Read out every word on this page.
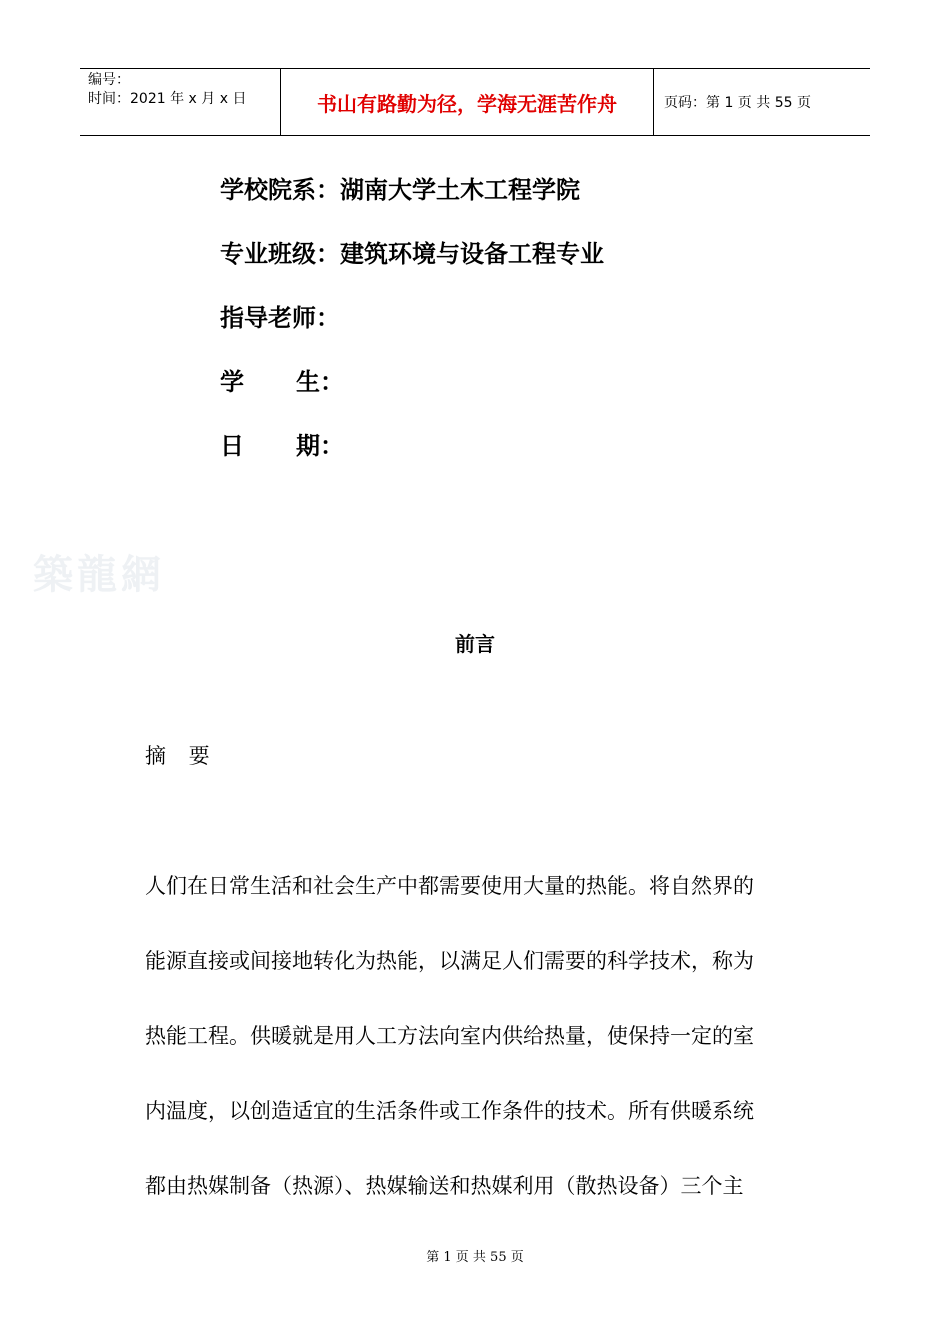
编号：
时间：2021 年 x 月 x 日	书山有路勤为径，学海无涯苦作舟	页码：第 1 页 共 55 页
学校院系：湖南大学土木工程学院
专业班级：建筑环境与设备工程专业
指导老师：
学 生：
日 期：
築龍網
前言
摘 要
人们在日常生活和社会生产中都需要使用大量的热能。将自然界的
能源直接或间接地转化为热能，以满足人们需要的科学技术，称为
热能工程。供暖就是用人工方法向室内供给热量，使保持一定的室
内温度，以创造适宜的生活条件或工作条件的技术。所有供暖系统
都由热媒制备（热源）、热媒输送和热媒利用（散热设备）三个主
第 1 页 共 55 页
